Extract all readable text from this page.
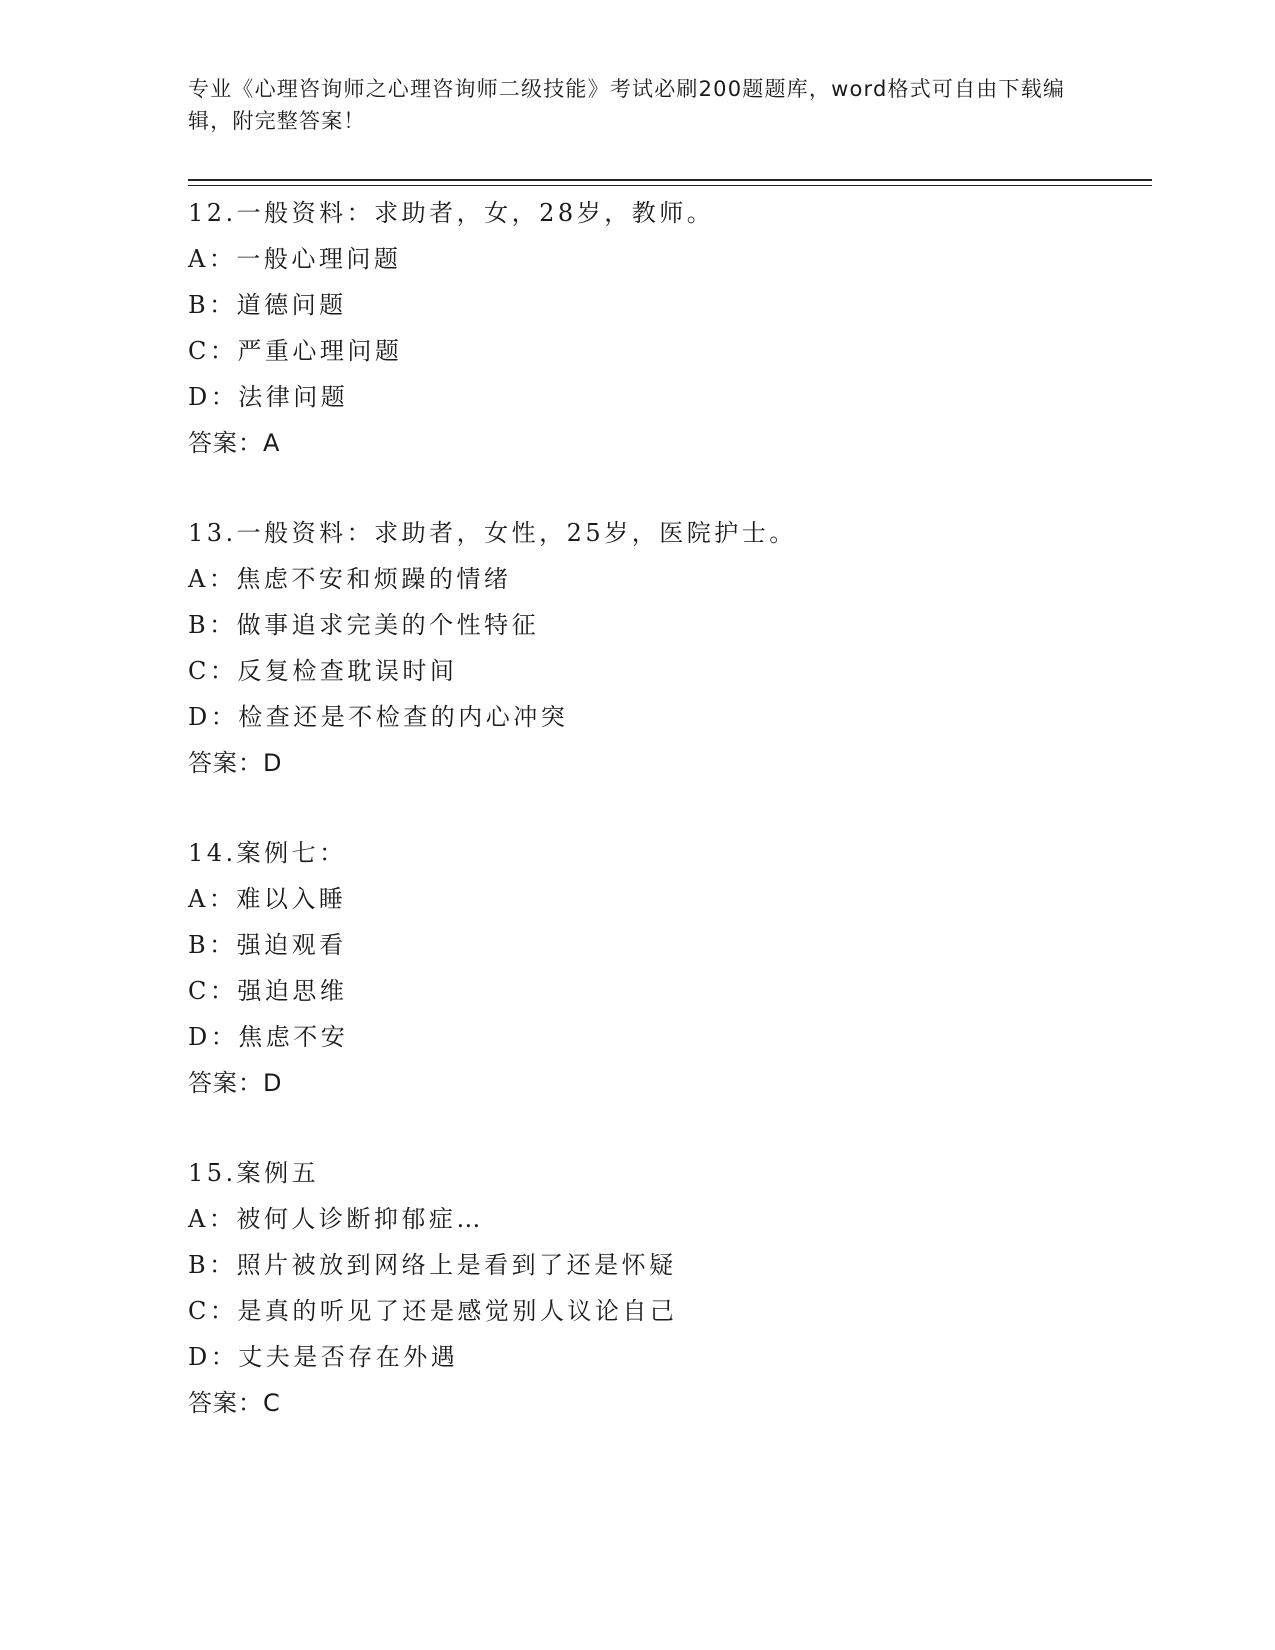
专业《心理咨询师之心理咨询师二级技能》考试必刷200题题库，word格式可自由下载编辑，附完整答案！
12.一般资料：求助者，女，28岁，教师。
A：一般心理问题
B：道德问题
C：严重心理问题
D：法律问题
答案：A
13.一般资料：求助者，女性，25岁，医院护士。
A：焦虑不安和烦躁的情绪
B：做事追求完美的个性特征
C：反复检查耽误时间
D：检查还是不检查的内心冲突
答案：D
14.案例七：
A：难以入睡
B：强迫观看
C：强迫思维
D：焦虑不安
答案：D
15.案例五
A：被何人诊断抑郁症…
B：照片被放到网络上是看到了还是怀疑
C：是真的听见了还是感觉别人议论自己
D：丈夫是否存在外遇
答案：C
